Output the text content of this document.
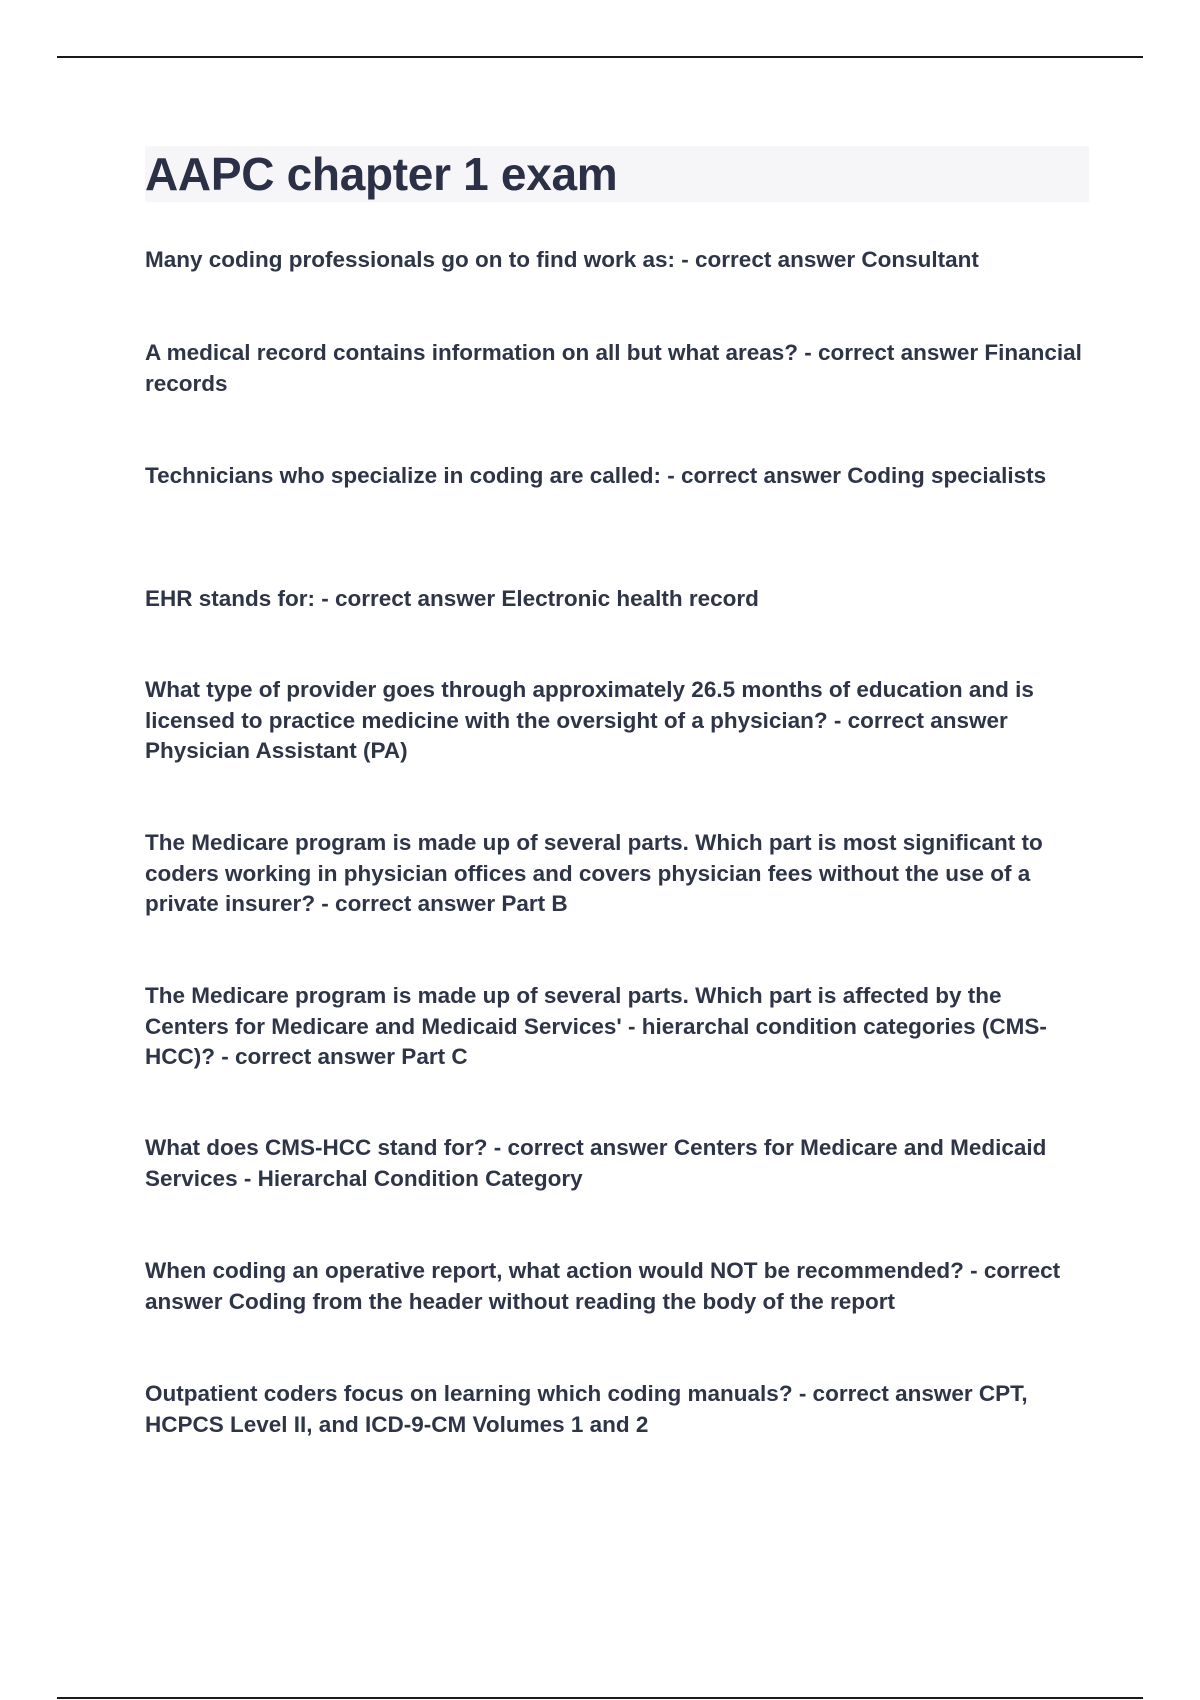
AAPC chapter 1 exam

Many coding professionals go on to find work as: - correct answer Consultant

A medical record contains information on all but what areas? - correct answer Financial records

Technicians who specialize in coding are called: - correct answer Coding specialists

EHR stands for: - correct answer Electronic health record

What type of provider goes through approximately 26.5 months of education and is licensed to practice medicine with the oversight of a physician? - correct answer Physician Assistant (PA)

The Medicare program is made up of several parts. Which part is most significant to coders working in physician offices and covers physician fees without the use of a private insurer? - correct answer Part B

The Medicare program is made up of several parts. Which part is affected by the Centers for Medicare and Medicaid Services' - hierarchal condition categories (CMS-HCC)? - correct answer Part C

What does CMS-HCC stand for? - correct answer Centers for Medicare and Medicaid Services - Hierarchal Condition Category

When coding an operative report, what action would NOT be recommended? - correct answer Coding from the header without reading the body of the report

Outpatient coders focus on learning which coding manuals? - correct answer CPT, HCPCS Level II, and ICD-9-CM Volumes 1 and 2
